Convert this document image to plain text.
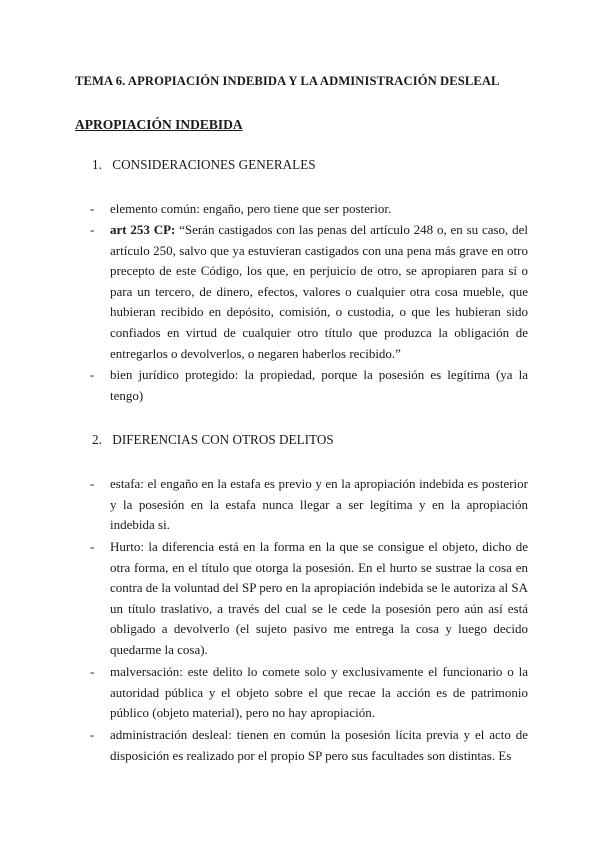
TEMA 6. APROPIACIÓN INDEBIDA Y LA ADMINISTRACIÓN DESLEAL
APROPIACIÓN INDEBIDA
1. CONSIDERACIONES GENERALES
- elemento común: engaño, pero tiene que ser posterior.
- art 253 CP: “Serán castigados con las penas del artículo 248 o, en su caso, del artículo 250, salvo que ya estuvieran castigados con una pena más grave en otro precepto de este Código, los que, en perjuicio de otro, se apropiaren para sí o para un tercero, de dinero, efectos, valores o cualquier otra cosa mueble, que hubieran recibido en depósito, comisión, o custodia, o que les hubieran sido confiados en virtud de cualquier otro título que produzca la obligación de entregarlos o devolverlos, o negaren haberlos recibido.”
- bien jurídico protegido: la propiedad, porque la posesión es legítima (ya la tengo)
2. DIFERENCIAS CON OTROS DELITOS
- estafa: el engaño en la estafa es previo y en la apropiación indebida es posterior y la posesión en la estafa nunca llegar a ser legítima y en la apropiación indebida si.
- Hurto: la diferencia está en la forma en la que se consigue el objeto, dicho de otra forma, en el título que otorga la posesión. En el hurto se sustrae la cosa en contra de la voluntad del SP pero en la apropiación indebida se le autoriza al SA un título traslativo, a través del cual se le cede la posesión pero aún así está obligado a devolverlo (el sujeto pasivo me entrega la cosa y luego decido quedarme la cosa).
- malversación: este delito lo comete solo y exclusivamente el funcionario o la autoridad pública y el objeto sobre el que recae la acción es de patrimonio público (objeto material), pero no hay apropiación.
- administración desleal: tienen en común la posesión lícita previa y el acto de disposición es realizado por el propio SP pero sus facultades son distintas. Es
